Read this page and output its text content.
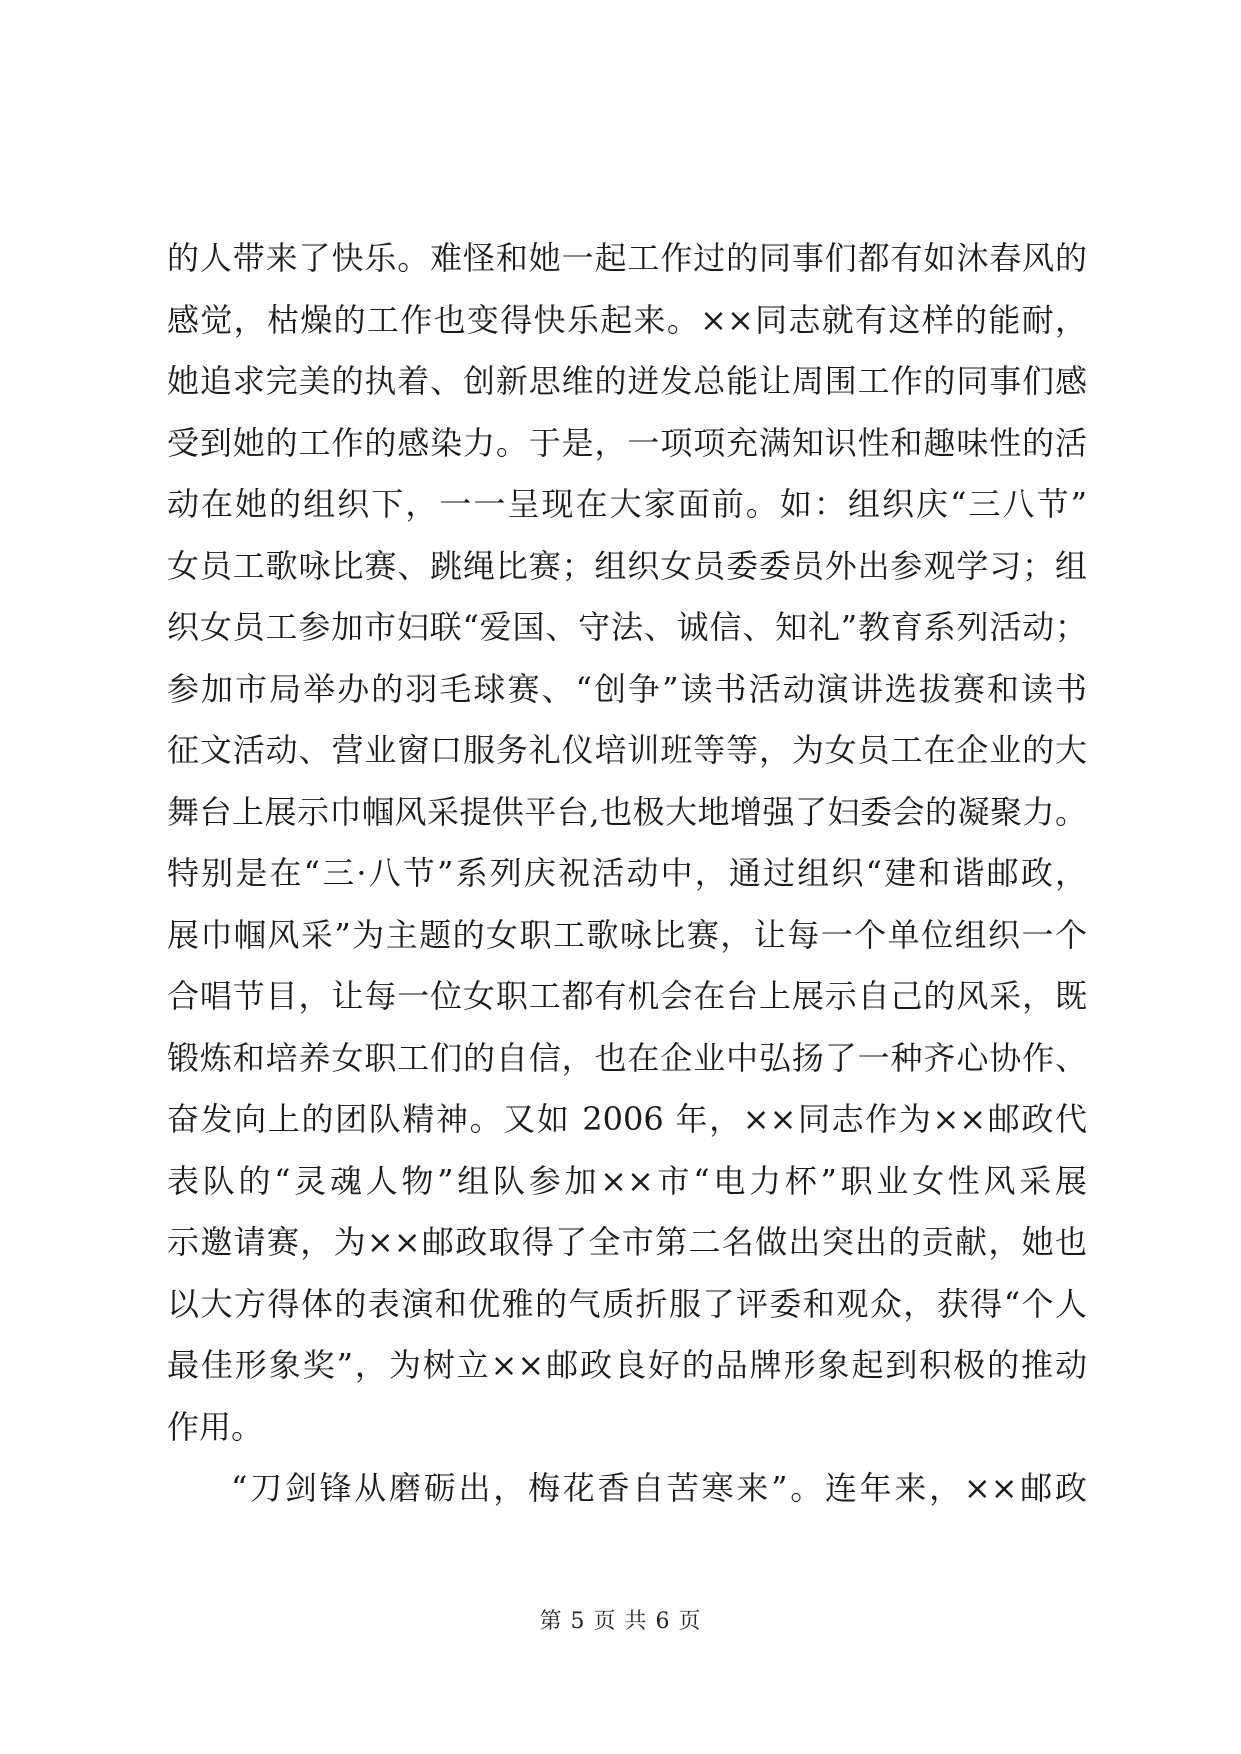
的人带来了快乐。难怪和她一起工作过的同事们都有如沐春风的
感觉，枯燥的工作也变得快乐起来。××同志就有这样的能耐，
她追求完美的执着、创新思维的迸发总能让周围工作的同事们感
受到她的工作的感染力。于是，一项项充满知识性和趣味性的活
动在她的组织下，一一呈现在大家面前。如：组织庆“三八节”
女员工歌咏比赛、跳绳比赛；组织女员委委员外出参观学习；组
织女员工参加市妇联“爱国、守法、诚信、知礼”教育系列活动；
参加市局举办的羽毛球赛、“创争”读书活动演讲选拔赛和读书
征文活动、营业窗口服务礼仪培训班等等，为女员工在企业的大
舞台上展示巾帼风采提供平台,也极大地增强了妇委会的凝聚力。
特别是在“三·八节”系列庆祝活动中，通过组织“建和谐邮政，
展巾帼风采”为主题的女职工歌咏比赛，让每一个单位组织一个
合唱节目，让每一位女职工都有机会在台上展示自己的风采，既
锻炼和培养女职工们的自信，也在企业中弘扬了一种齐心协作、
奋发向上的团队精神。又如 2006 年，××同志作为××邮政代
表队的“灵魂人物”组队参加××市“电力杯”职业女性风采展
示邀请赛，为××邮政取得了全市第二名做出突出的贡献，她也
以大方得体的表演和优雅的气质折服了评委和观众，获得“个人
最佳形象奖”，为树立××邮政良好的品牌形象起到积极的推动
作用。
“刀剑锋从磨砺出，梅花香自苦寒来”。连年来，××邮政
第 5 页 共 6 页
